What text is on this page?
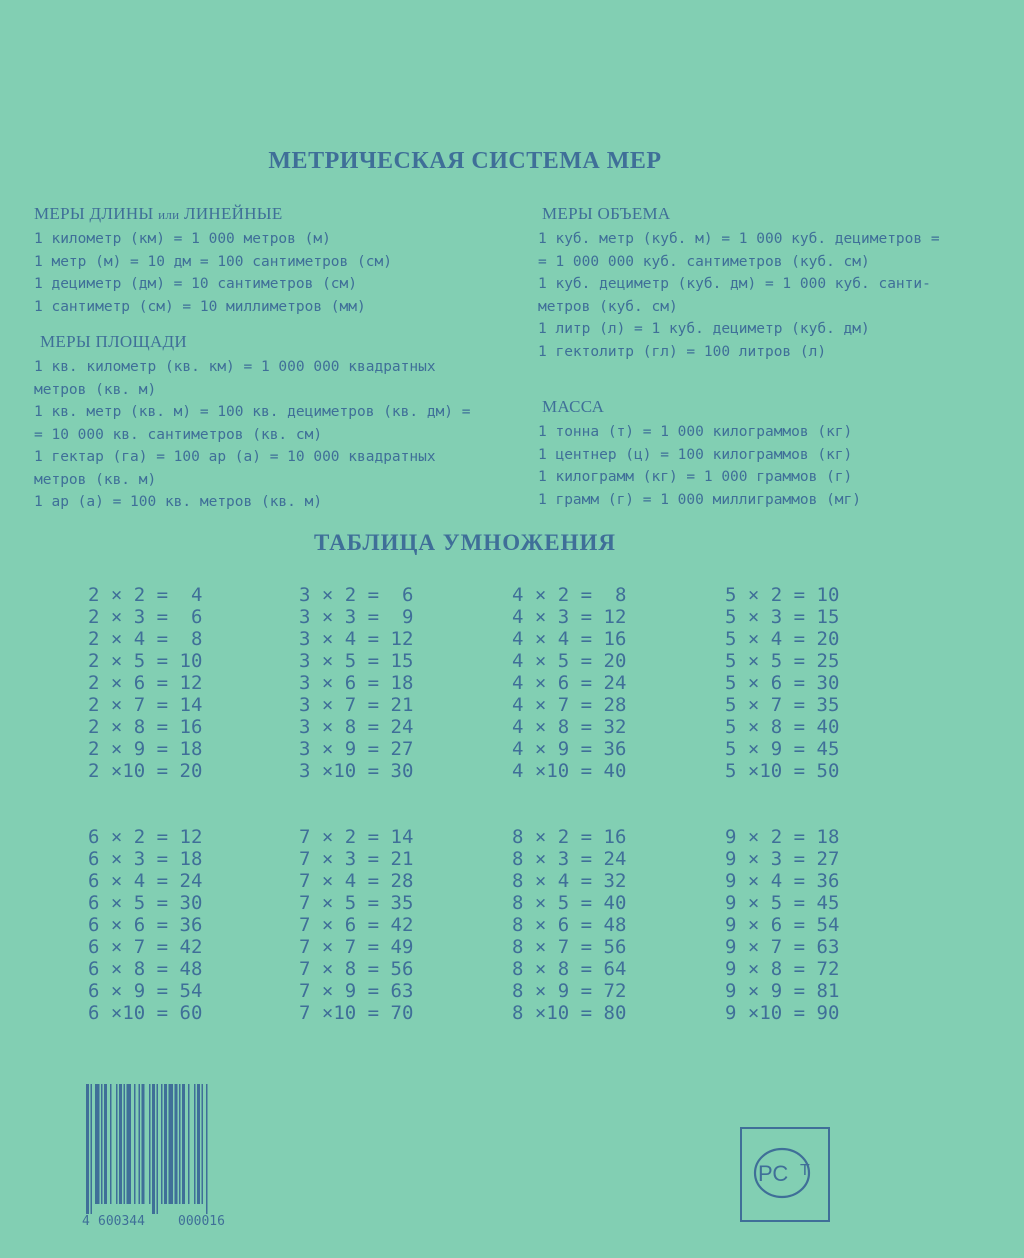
МЕТРИЧЕСКАЯ СИСТЕМА МЕР
МЕРЫ ДЛИНЫ или ЛИНЕЙНЫЕ
1 километр (км) = 1 000 метров (м)
1 метр (м) = 10 дм = 100 сантиметров (см)
1 дециметр (дм) = 10 сантиметров (см)
1 сантиметр (см) = 10 миллиметров (мм)
МЕРЫ ПЛОЩАДИ
1 кв. километр (кв. км) = 1 000 000 квадратных
метров (кв. м)
1 кв. метр (кв. м) = 100 кв. дециметров (кв. дм) =
= 10 000 кв. сантиметров (кв. см)
1 гектар (га) = 100 ар (а) = 10 000 квадратных
метров (кв. м)
1 ар (а) = 100 кв. метров (кв. м)
МЕРЫ ОБЪЕМА
1 куб. метр (куб. м) = 1 000 куб. дециметров =
= 1 000 000 куб. сантиметров (куб. см)
1 куб. дециметр (куб. дм) = 1 000 куб. санти-
метров (куб. см)
1 литр (л) = 1 куб. дециметр (куб. дм)
1 гектолитр (гл) = 100 литров (л)
МАССА
1 тонна (т) = 1 000 килограммов (кг)
1 центнер (ц) = 100 килограммов (кг)
1 килограмм (кг) = 1 000 граммов (г)
1 грамм (г) = 1 000 миллиграммов (мг)
ТАБЛИЦА УМНОЖЕНИЯ
2 × 2 =  4
2 × 3 =  6
2 × 4 =  8
2 × 5 = 10
2 × 6 = 12
2 × 7 = 14
2 × 8 = 16
2 × 9 = 18
2 ×10 = 20
3 × 2 =  6
3 × 3 =  9
3 × 4 = 12
3 × 5 = 15
3 × 6 = 18
3 × 7 = 21
3 × 8 = 24
3 × 9 = 27
3 ×10 = 30
4 × 2 =  8
4 × 3 = 12
4 × 4 = 16
4 × 5 = 20
4 × 6 = 24
4 × 7 = 28
4 × 8 = 32
4 × 9 = 36
4 ×10 = 40
5 × 2 = 10
5 × 3 = 15
5 × 4 = 20
5 × 5 = 25
5 × 6 = 30
5 × 7 = 35
5 × 8 = 40
5 × 9 = 45
5 ×10 = 50
6 × 2 = 12
6 × 3 = 18
6 × 4 = 24
6 × 5 = 30
6 × 6 = 36
6 × 7 = 42
6 × 8 = 48
6 × 9 = 54
6 ×10 = 60
7 × 2 = 14
7 × 3 = 21
7 × 4 = 28
7 × 5 = 35
7 × 6 = 42
7 × 7 = 49
7 × 8 = 56
7 × 9 = 63
7 ×10 = 70
8 × 2 = 16
8 × 3 = 24
8 × 4 = 32
8 × 5 = 40
8 × 6 = 48
8 × 7 = 56
8 × 8 = 64
8 × 9 = 72
8 ×10 = 80
9 × 2 = 18
9 × 3 = 27
9 × 4 = 36
9 × 5 = 45
9 × 6 = 54
9 × 7 = 63
9 × 8 = 72
9 × 9 = 81
9 ×10 = 90
4 600344	000016
РС Т
